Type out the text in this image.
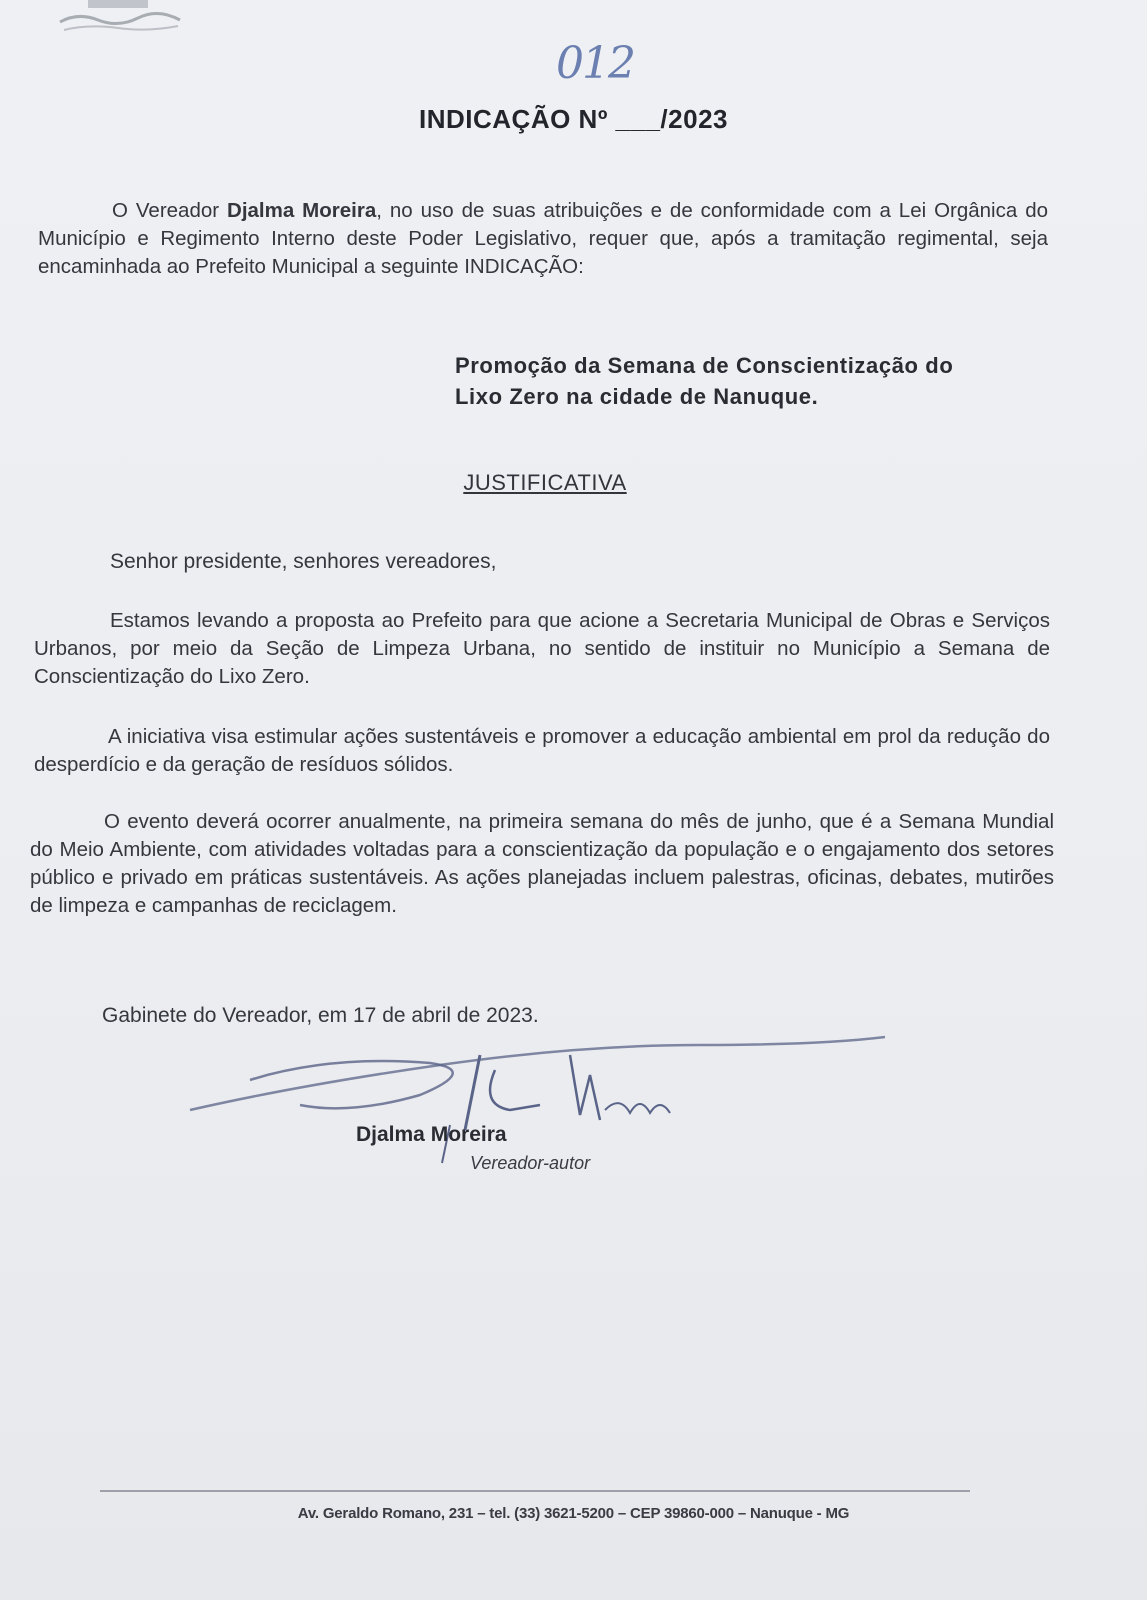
012
INDICAÇÃO Nº ___/2023
O Vereador Djalma Moreira, no uso de suas atribuições e de conformidade com a Lei Orgânica do Município e Regimento Interno deste Poder Legislativo, requer que, após a tramitação regimental, seja encaminhada ao Prefeito Municipal a seguinte INDICAÇÃO:
Promoção da Semana de Conscientização do
Lixo Zero na cidade de Nanuque.
JUSTIFICATIVA
Senhor presidente, senhores vereadores,
Estamos levando a proposta ao Prefeito para que acione a Secretaria Municipal de Obras e Serviços Urbanos, por meio da Seção de Limpeza Urbana, no sentido de instituir no Município a Semana de Conscientização do Lixo Zero.
A iniciativa visa estimular ações sustentáveis e promover a educação ambiental em prol da redução do desperdício e da geração de resíduos sólidos.
O evento deverá ocorrer anualmente, na primeira semana do mês de junho, que é a Semana Mundial do Meio Ambiente, com atividades voltadas para a conscientização da população e o engajamento dos setores público e privado em práticas sustentáveis. As ações planejadas incluem palestras, oficinas, debates, mutirões de limpeza e campanhas de reciclagem.
Gabinete do Vereador, em 17 de abril de 2023.
Djalma Moreira
Vereador-autor
Av. Geraldo Romano, 231 – tel. (33) 3621-5200 – CEP 39860-000 – Nanuque - MG
